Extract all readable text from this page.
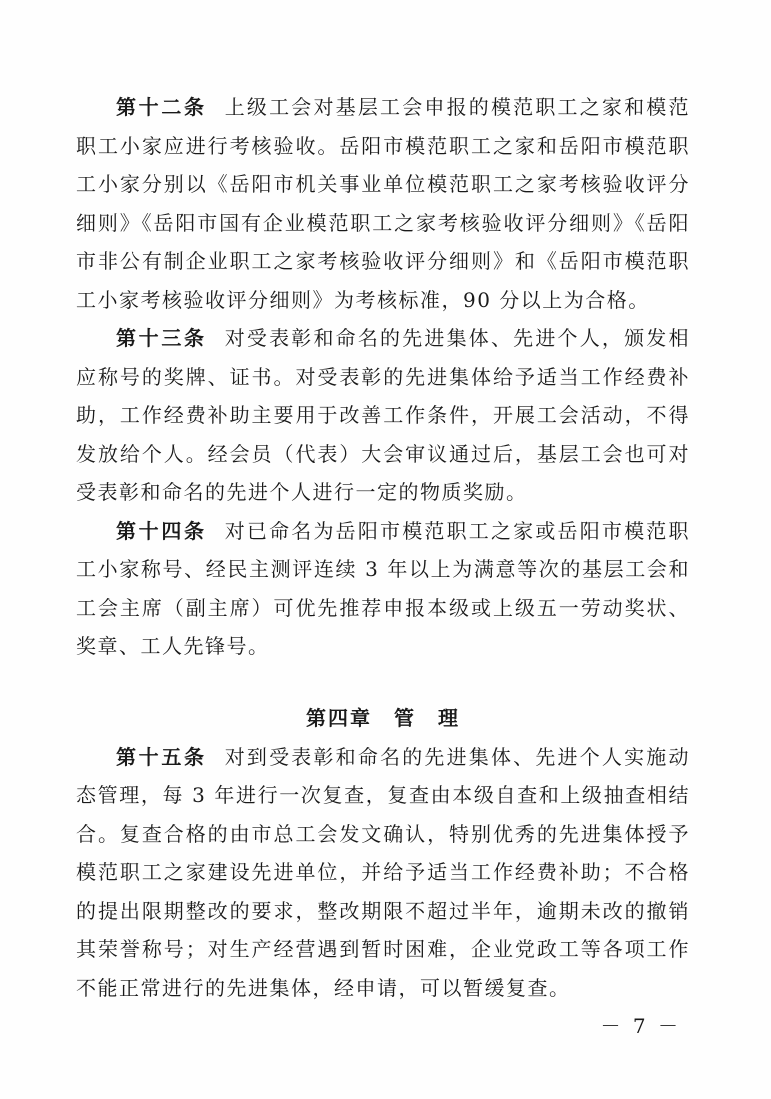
第十二条 上级工会对基层工会申报的模范职工之家和模范职工小家应进行考核验收。岳阳市模范职工之家和岳阳市模范职工小家分别以《岳阳市机关事业单位模范职工之家考核验收评分细则》《岳阳市国有企业模范职工之家考核验收评分细则》《岳阳市非公有制企业职工之家考核验收评分细则》和《岳阳市模范职工小家考核验收评分细则》为考核标准，90 分以上为合格。

第十三条 对受表彰和命名的先进集体、先进个人，颁发相应称号的奖牌、证书。对受表彰的先进集体给予适当工作经费补助，工作经费补助主要用于改善工作条件，开展工会活动，不得发放给个人。经会员（代表）大会审议通过后，基层工会也可对受表彰和命名的先进个人进行一定的物质奖励。

第十四条 对已命名为岳阳市模范职工之家或岳阳市模范职工小家称号、经民主测评连续 3 年以上为满意等次的基层工会和工会主席（副主席）可优先推荐申报本级或上级五一劳动奖状、奖章、工人先锋号。

第四章　管　理

第十五条 对到受表彰和命名的先进集体、先进个人实施动态管理，每 3 年进行一次复查，复查由本级自查和上级抽查相结合。复查合格的由市总工会发文确认，特别优秀的先进集体授予模范职工之家建设先进单位，并给予适当工作经费补助；不合格的提出限期整改的要求，整改期限不超过半年，逾期未改的撤销其荣誉称号；对生产经营遇到暂时困难，企业党政工等各项工作不能正常进行的先进集体，经申请，可以暂缓复查。

－ 7 －
